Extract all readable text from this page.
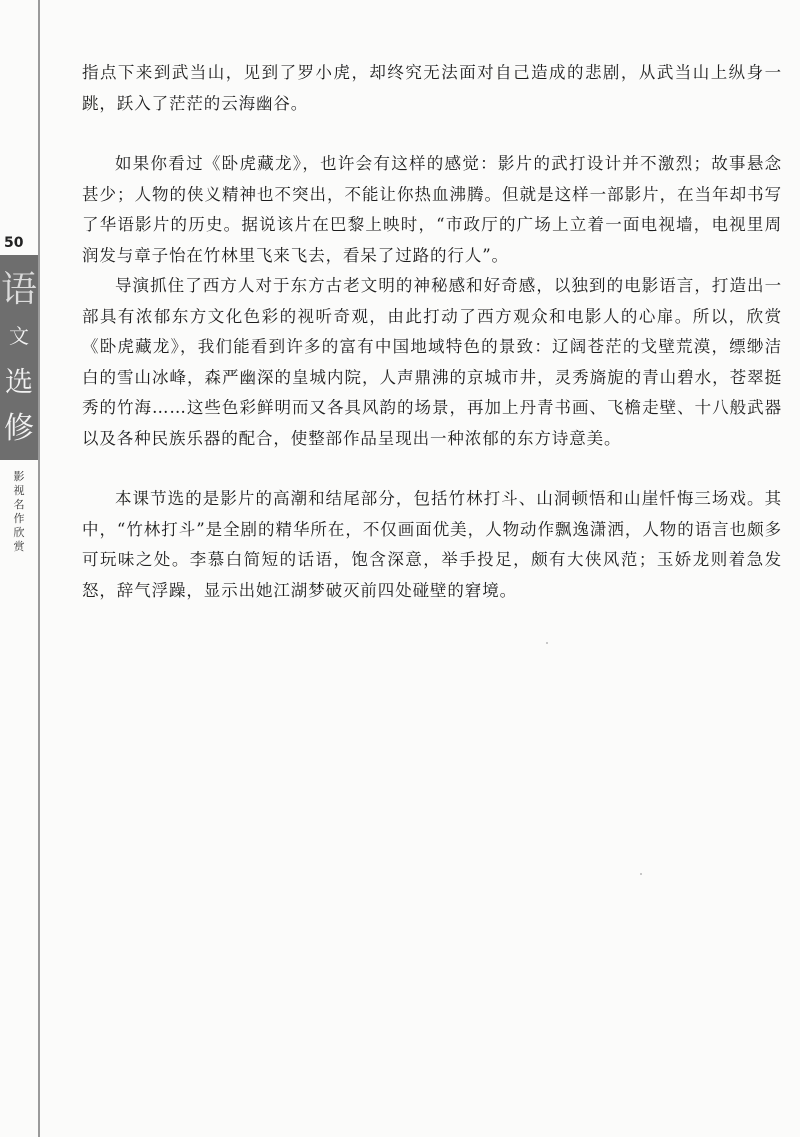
50
语
文
选
修
影
视
名
作
欣
赏

指点下来到武当山，见到了罗小虎，却终究无法面对自己造成的悲剧，从武当山上纵身一跳，跃入了茫茫的云海幽谷。

如果你看过《卧虎藏龙》，也许会有这样的感觉：影片的武打设计并不激烈；故事悬念甚少；人物的侠义精神也不突出，不能让你热血沸腾。但就是这样一部影片，在当年却书写了华语影片的历史。据说该片在巴黎上映时，“市政厅的广场上立着一面电视墙，电视里周润发与章子怡在竹林里飞来飞去，看呆了过路的行人”。

导演抓住了西方人对于东方古老文明的神秘感和好奇感，以独到的电影语言，打造出一部具有浓郁东方文化色彩的视听奇观，由此打动了西方观众和电影人的心扉。所以，欣赏《卧虎藏龙》，我们能看到许多的富有中国地域特色的景致：辽阔苍茫的戈壁荒漠，缥缈洁白的雪山冰峰，森严幽深的皇城内院，人声鼎沸的京城市井，灵秀旖旎的青山碧水，苍翠挺秀的竹海……这些色彩鲜明而又各具风韵的场景，再加上丹青书画、飞檐走壁、十八般武器以及各种民族乐器的配合，使整部作品呈现出一种浓郁的东方诗意美。

本课节选的是影片的高潮和结尾部分，包括竹林打斗、山洞顿悟和山崖忏悔三场戏。其中，“竹林打斗”是全剧的精华所在，不仅画面优美，人物动作飘逸潇洒，人物的语言也颇多可玩味之处。李慕白简短的话语，饱含深意，举手投足，颇有大侠风范；玉娇龙则着急发怒，辞气浮躁，显示出她江湖梦破灭前四处碰壁的窘境。
